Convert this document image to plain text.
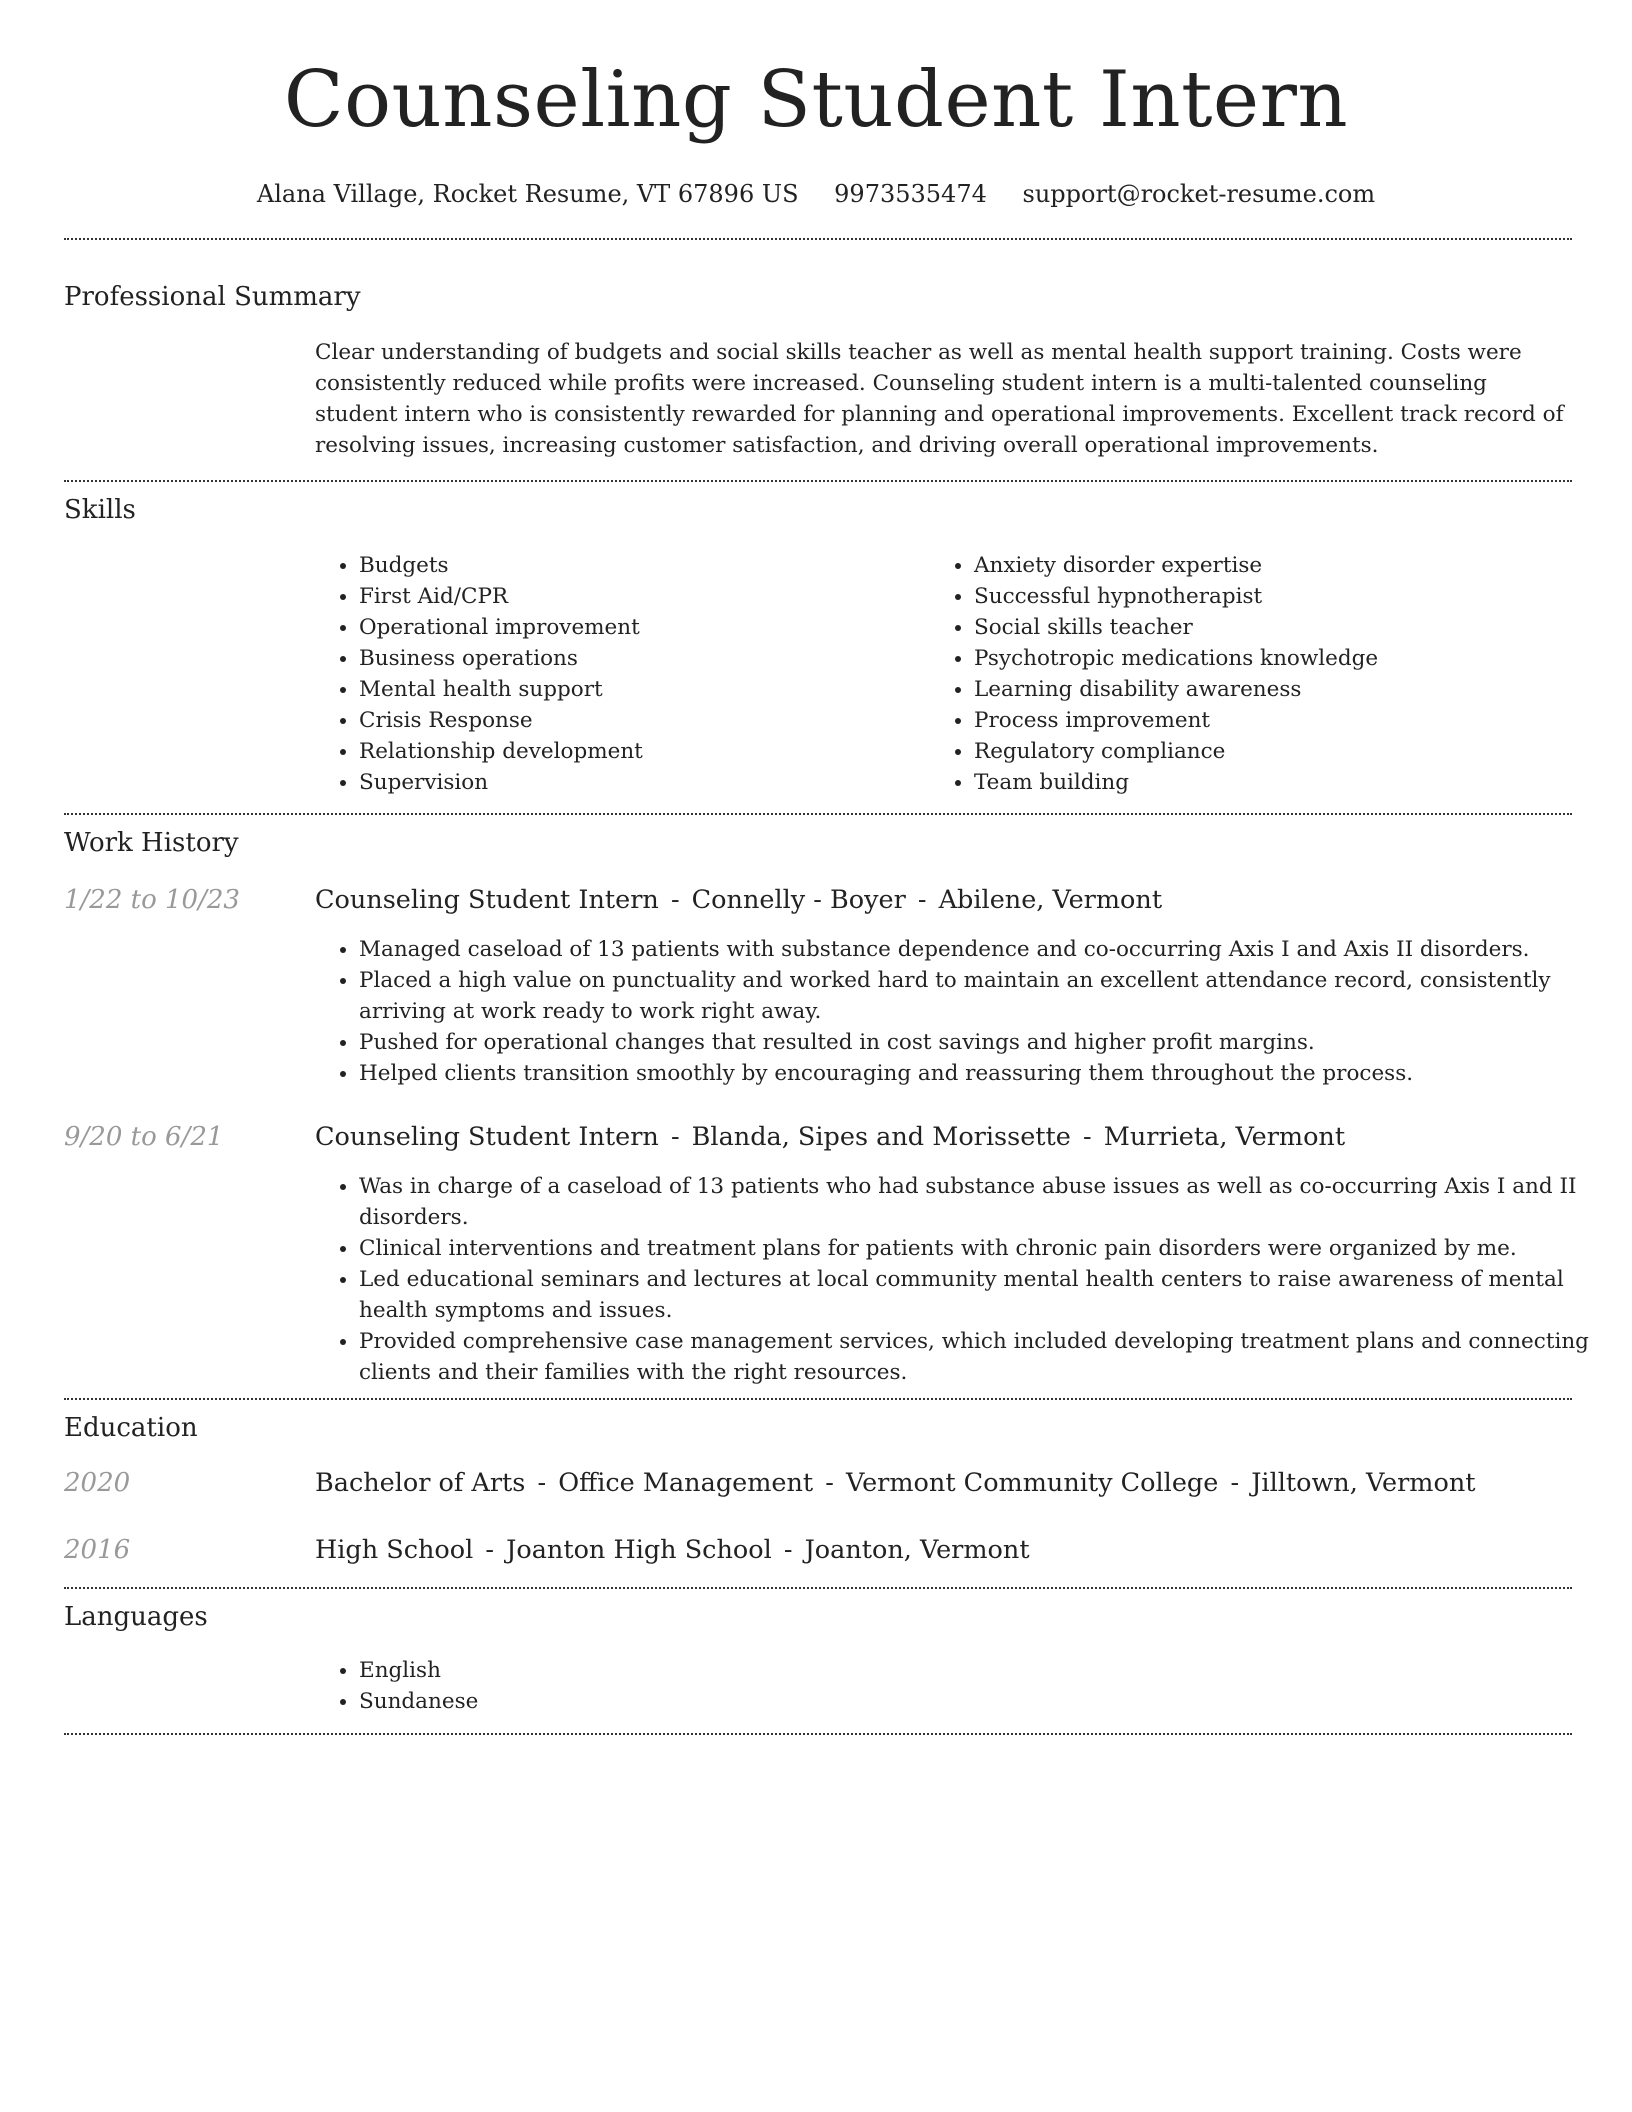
Counseling Student Intern
Alana Village, Rocket Resume, VT 67896 US 9973535474 support@rocket-resume.com
Professional Summary

Clear understanding of budgets and social skills teacher as well as mental health support training. Costs were consistently reduced while profits were increased. Counseling student intern is a multi-talented counseling student intern who is consistently rewarded for planning and operational improvements. Excellent track record of resolving issues, increasing customer satisfaction, and driving overall operational improvements.

Skills
• Budgets
• First Aid/CPR
• Operational improvement
• Business operations
• Mental health support
• Crisis Response
• Relationship development
• Supervision
• Anxiety disorder expertise
• Successful hypnotherapist
• Social skills teacher
• Psychotropic medications knowledge
• Learning disability awareness
• Process improvement
• Regulatory compliance
• Team building
Work History
1/22 to 10/23	Counseling Student Intern - Connelly - Boyer - Abilene, Vermont
• Managed caseload of 13 patients with substance dependence and co-occurring Axis I and Axis II disorders.
• Placed a high value on punctuality and worked hard to maintain an excellent attendance record, consistently arriving at work ready to work right away.
• Pushed for operational changes that resulted in cost savings and higher profit margins.
• Helped clients transition smoothly by encouraging and reassuring them throughout the process.
9/20 to 6/21	Counseling Student Intern - Blanda, Sipes and Morissette - Murrieta, Vermont
• Was in charge of a caseload of 13 patients who had substance abuse issues as well as co-occurring Axis I and II disorders.
• Clinical interventions and treatment plans for patients with chronic pain disorders were organized by me.
• Led educational seminars and lectures at local community mental health centers to raise awareness of mental health symptoms and issues.
• Provided comprehensive case management services, which included developing treatment plans and connecting clients and their families with the right resources.
Education
2020	Bachelor of Arts - Office Management - Vermont Community College - Jilltown, Vermont
2016	High School - Joanton High School - Joanton, Vermont
Languages
• English
• Sundanese
